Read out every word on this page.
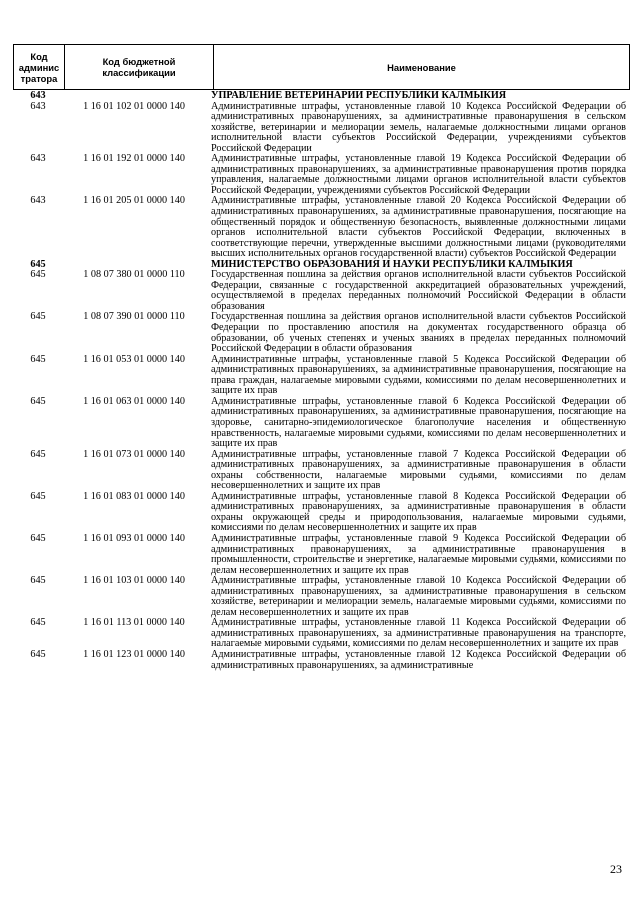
Код
админис
тратора

Код бюджетной
классификации	Наименование
643	УПРАВЛЕНИЕ ВЕТЕРИНАРИИ РЕСПУБЛИКИ КАЛМЫКИЯ
643	1 16 01 102 01 0000 140	Административные штрафы, установленные главой 10 Кодекса Российской Федерации об административных правонарушениях, за административные правонарушения в сельском хозяйстве, ветеринарии и мелиорации земель, налагаемые должностными лицами органов исполнительной власти субъектов Российской Федерации, учреждениями субъектов Российской Федерации
643	1 16 01 192 01 0000 140	Административные штрафы, установленные главой 19 Кодекса Российской Федерации об административных правонарушениях, за административные правонарушения против порядка управления, налагаемые должностными лицами органов исполнительной власти субъектов Российской Федерации, учреждениями субъектов Российской Федерации
643	1 16 01 205 01 0000 140	Административные штрафы, установленные главой 20 Кодекса Российской Федерации об административных правонарушениях, за административные правонарушения, посягающие на общественный порядок и общественную безопасность, выявленные должностными лицами органов исполнительной власти субъектов Российской Федерации, включенных в соответствующие перечни, утвержденные высшими должностными лицами (руководителями высших исполнительных органов государственной власти) субъектов Российской Федерации
645	МИНИСТЕРСТВО ОБРАЗОВАНИЯ И НАУКИ РЕСПУБЛИКИ КАЛМЫКИЯ
645	1 08 07 380 01 0000 110	Государственная пошлина за действия органов исполнительной власти субъектов Российской Федерации, связанные с государственной аккредитацией образовательных учреждений, осуществляемой в пределах переданных полномочий Российской Федерации в области образования
645	1 08 07 390 01 0000 110	Государственная пошлина за действия органов исполнительной власти субъектов Российской Федерации по проставлению апостиля на документах государственного образца об образовании, об ученых степенях и ученых званиях в пределах переданных полномочий Российской Федерации в области образования
645	1 16 01 053 01 0000 140	Административные штрафы, установленные главой 5 Кодекса Российской Федерации об административных правонарушениях, за административные правонарушения, посягающие на права граждан, налагаемые мировыми судьями, комиссиями по делам несовершеннолетних и защите их прав
645	1 16 01 063 01 0000 140	Административные штрафы, установленные главой 6 Кодекса Российской Федерации об административных правонарушениях, за административные правонарушения, посягающие на здоровье, санитарно-эпидемиологическое благополучие населения и общественную нравственность, налагаемые мировыми судьями, комиссиями по делам несовершеннолетних и защите их прав
645	1 16 01 073 01 0000 140	Административные штрафы, установленные главой 7 Кодекса Российской Федерации об административных правонарушениях, за административные правонарушения в области охраны собственности, налагаемые мировыми судьями, комиссиями по делам несовершеннолетних и защите их прав
645	1 16 01 083 01 0000 140	Административные штрафы, установленные главой 8 Кодекса Российской Федерации об административных правонарушениях, за административные правонарушения в области охраны окружающей среды и природопользования, налагаемые мировыми судьями, комиссиями по делам несовершеннолетних и защите их прав
645	1 16 01 093 01 0000 140	Административные штрафы, установленные главой 9 Кодекса Российской Федерации об административных правонарушениях, за административные правонарушения в промышленности, строительстве и энергетике, налагаемые мировыми судьями, комиссиями по делам несовершеннолетних и защите их прав
645	1 16 01 103 01 0000 140	Административные штрафы, установленные главой 10 Кодекса Российской Федерации об административных правонарушениях, за административные правонарушения в сельском хозяйстве, ветеринарии и мелиорации земель, налагаемые мировыми судьями, комиссиями по делам несовершеннолетних и защите их прав
645	1 16 01 113 01 0000 140	Административные штрафы, установленные главой 11 Кодекса Российской Федерации об административных правонарушениях, за административные правонарушения на транспорте, налагаемые мировыми судьями, комиссиями по делам несовершеннолетних и защите их прав
645	1 16 01 123 01 0000 140	Административные штрафы, установленные главой 12 Кодекса Российской Федерации об административных правонарушениях, за административные
23
